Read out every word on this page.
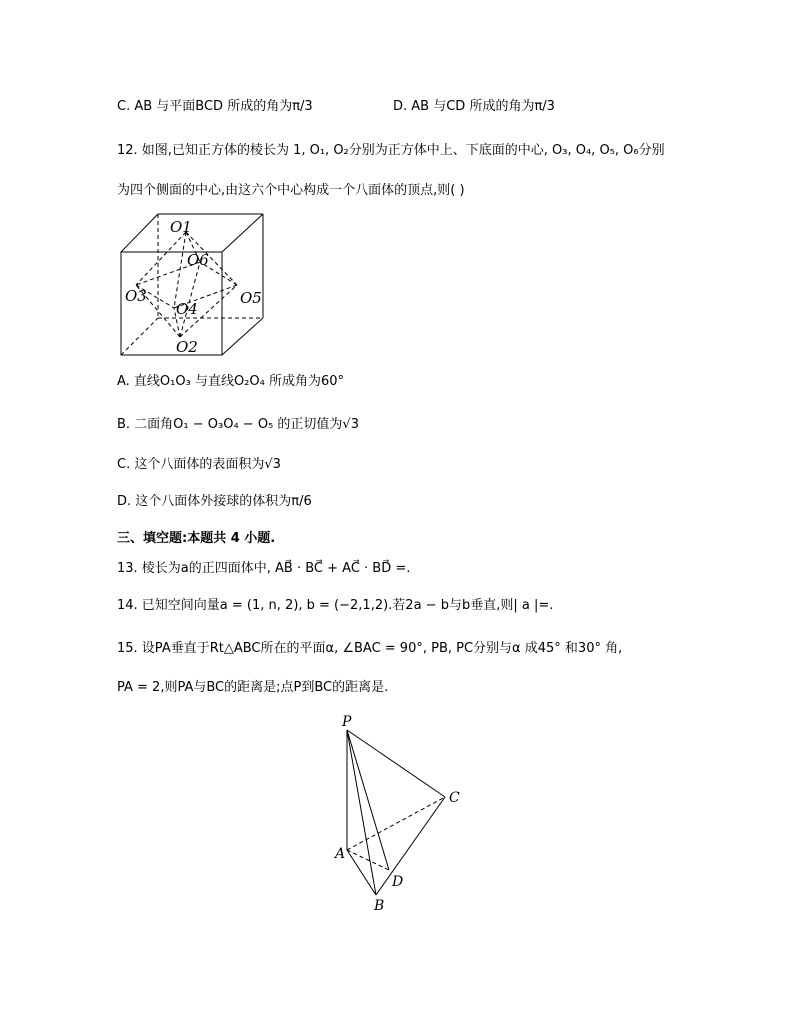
C. AB 与平面BCD 所成的角为π/3	D. AB 与CD 所成的角为π/3
12. 如图,已知正方体的棱长为 1, O₁, O₂分别为正方体中上、下底面的中心, O₃, O₄, O₅, O₆分别
为四个侧面的中心,由这六个中心构成一个八面体的顶点,则( )
O1
O6
O3	O5
O4
O2
A. 直线O₁O₃ 与直线O₂O₄ 所成角为60°
B. 二面角O₁ − O₃O₄ − O₅ 的正切值为√3
C. 这个八面体的表面积为√3
D. 这个八面体外接球的体积为π/6
三、填空题:本题共 4 小题.
13. 棱长为a的正四面体中, AB⃗ · BC⃗ + AC⃗ · BD⃗ =.
14. 已知空间向量a = (1, n, 2), b = (−2,1,2).若2a − b与b垂直,则| a |=.
15. 设PA垂直于Rt△ABC所在的平面α, ∠BAC = 90°, PB, PC分别与α 成45° 和30° 角,
PA = 2,则PA与BC的距离是;点P到BC的距离是.
P
C
A
D
B
